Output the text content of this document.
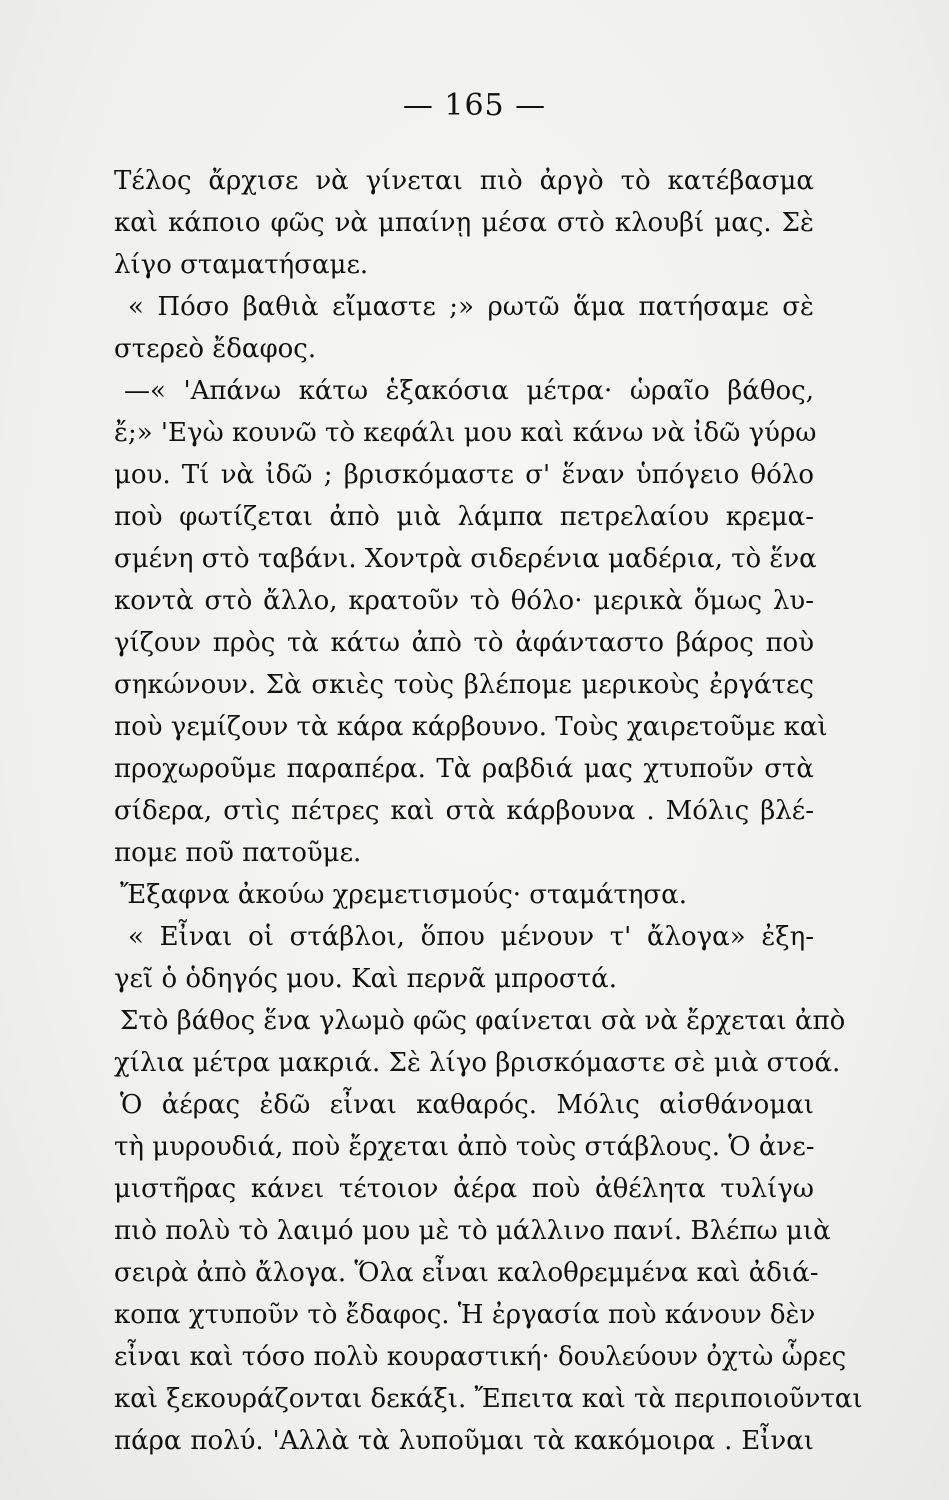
— 165 —
Τέλος ἄρχισε νὰ γίνεται πιὸ ἀργὸ τὸ κατέβασμα
καὶ κάποιο φῶς νὰ μπαίνῃ μέσα στὸ κλουβί μας. Σὲ
λίγο σταματήσαμε.
« Πόσο βαθιὰ εἴμαστε ;» ρωτῶ ἅμα πατήσαμε σὲ
στερεὸ ἔδαφος.
—« 'Απάνω κάτω ἑξακόσια μέτρα· ὡραῖο βάθος,
ἔ;» 'Εγὼ κουνῶ τὸ κεφάλι μου καὶ κάνω νὰ ἰδῶ γύρω
μου. Τί νὰ ἰδῶ ; βρισκόμαστε σ' ἕναν ὑπόγειο θόλο
ποὺ φωτίζεται ἀπὸ μιὰ λάμπα πετρελαίου κρεμα-
σμένη στὸ ταβάνι. Χοντρὰ σιδερένια μαδέρια, τὸ ἕνα
κοντὰ στὸ ἄλλο, κρατοῦν τὸ θόλο· μερικὰ ὅμως λυ-
γίζουν πρὸς τὰ κάτω ἀπὸ τὸ ἀφάνταστο βάρος ποὺ
σηκώνουν. Σὰ σκιὲς τοὺς βλέπομε μερικοὺς ἐργάτες
ποὺ γεμίζουν τὰ κάρα κάρβουνο. Τοὺς χαιρετοῦμε καὶ
προχωροῦμε παραπέρα. Τὰ ραβδιά μας χτυποῦν στὰ
σίδερα, στὶς πέτρες καὶ στὰ κάρβουνα . Μόλις βλέ-
πομε ποῦ πατοῦμε.
Ἔξαφνα ἀκούω χρεμετισμούς· σταμάτησα.
« Εἶναι οἱ στάβλοι, ὅπου μένουν τ' ἄλογα» ἐξη-
γεῖ ὁ ὁδηγός μου. Καὶ περνᾶ μπροστά.
Στὸ βάθος ἕνα γλωμὸ φῶς φαίνεται σὰ νὰ ἔρχεται ἀπὸ
χίλια μέτρα μακριά. Σὲ λίγο βρισκόμαστε σὲ μιὰ στοά.
Ὁ ἀέρας ἐδῶ εἶναι καθαρός. Μόλις αἰσθάνομαι
τὴ μυρουδιά, ποὺ ἔρχεται ἀπὸ τοὺς στάβλους. Ὁ ἀνε-
μιστῆρας κάνει τέτοιον ἀέρα ποὺ ἀθέλητα τυλίγω
πιὸ πολὺ τὸ λαιμό μου μὲ τὸ μάλλινο πανί. Βλέπω μιὰ
σειρὰ ἀπὸ ἄλογα. Ὅλα εἶναι καλοθρεμμένα καὶ ἀδιά-
κοπα χτυποῦν τὸ ἔδαφος. Ἡ ἐργασία ποὺ κάνουν δὲν
εἶναι καὶ τόσο πολὺ κουραστική· δουλεύουν ὀχτὼ ὧρες
καὶ ξεκουράζονται δεκάξι. Ἔπειτα καὶ τὰ περιποιοῦνται
πάρα πολύ. 'Αλλὰ τὰ λυποῦμαι τὰ κακόμοιρα . Εἶναι
